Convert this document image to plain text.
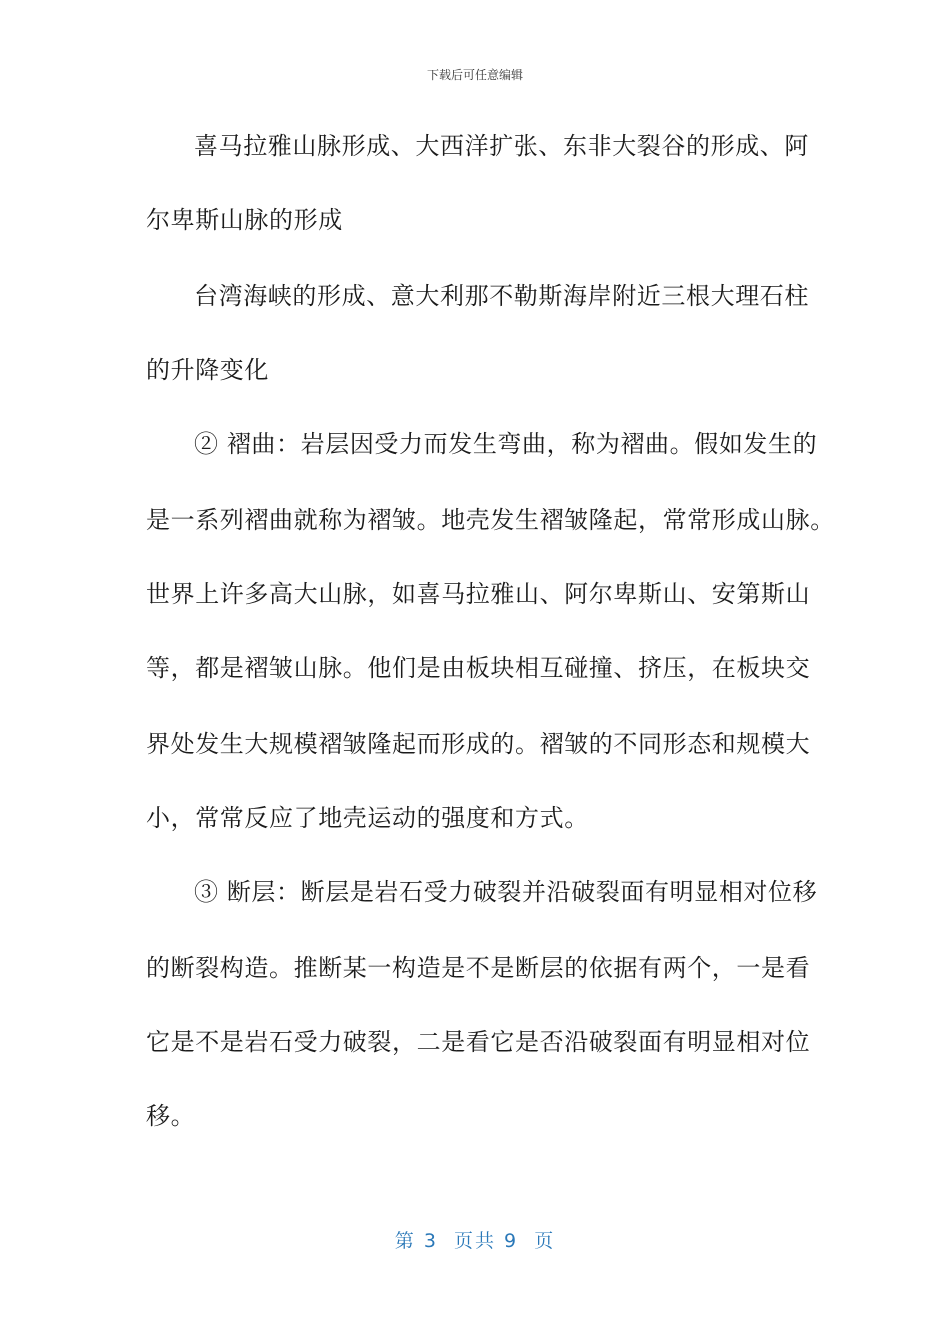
下载后可任意编辑
喜马拉雅山脉形成、大西洋扩张、东非大裂谷的形成、阿
尔卑斯山脉的形成
台湾海峡的形成、意大利那不勒斯海岸附近三根大理石柱
的升降变化
② 褶曲：岩层因受力而发生弯曲，称为褶曲。假如发生的
是一系列褶曲就称为褶皱。地壳发生褶皱隆起，常常形成山脉。
世界上许多高大山脉，如喜马拉雅山、阿尔卑斯山、安第斯山
等，都是褶皱山脉。他们是由板块相互碰撞、挤压，在板块交
界处发生大规模褶皱隆起而形成的。褶皱的不同形态和规模大
小，常常反应了地壳运动的强度和方式。
③ 断层：断层是岩石受力破裂并沿破裂面有明显相对位移
的断裂构造。推断某一构造是不是断层的依据有两个，一是看
它是不是岩石受力破裂，二是看它是否沿破裂面有明显相对位
移。
第 3  页共 9  页
